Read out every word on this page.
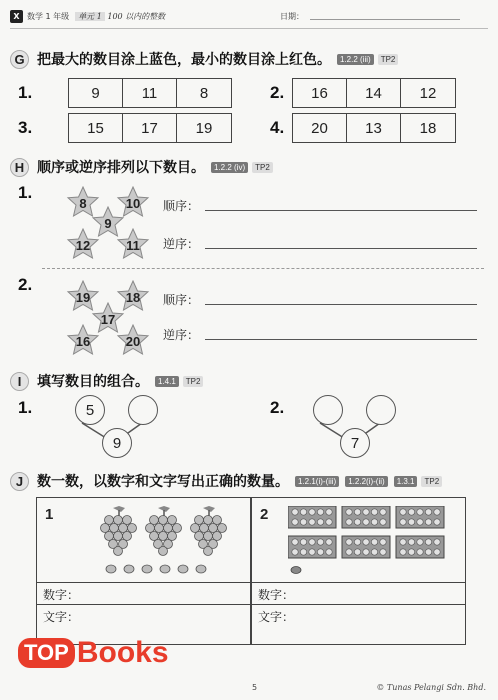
X 数学 1 年级	单元 1 100 以内的整数	日期：
G 把最大的数目涂上蓝色，最小的数目涂上红色。	1.2.2 (iii)	TP2
1.	9	11	8	2.	16	14	12
3.	15	17	19	4.	20	13	18
H 顺序或逆序排列以下数目。	1.2.2 (iv)	TP2
1.
8	10
9
12	11
顺序：
逆序：
2.
19	18
17
16	20
顺序：
逆序：
I	填写数目的组合。	1.4.1	TP2
1.	5
9
2.
7
J 数一数，以数字和文字写出正确的数量。	1.2.1(i)-(iii)	1.2.2(i)-(ii)	1.3.1	TP2
1
数字：
文字：
2
数字：
文字：
5	© Tunas Pelangi Sdn. Bhd.
TOP Books
